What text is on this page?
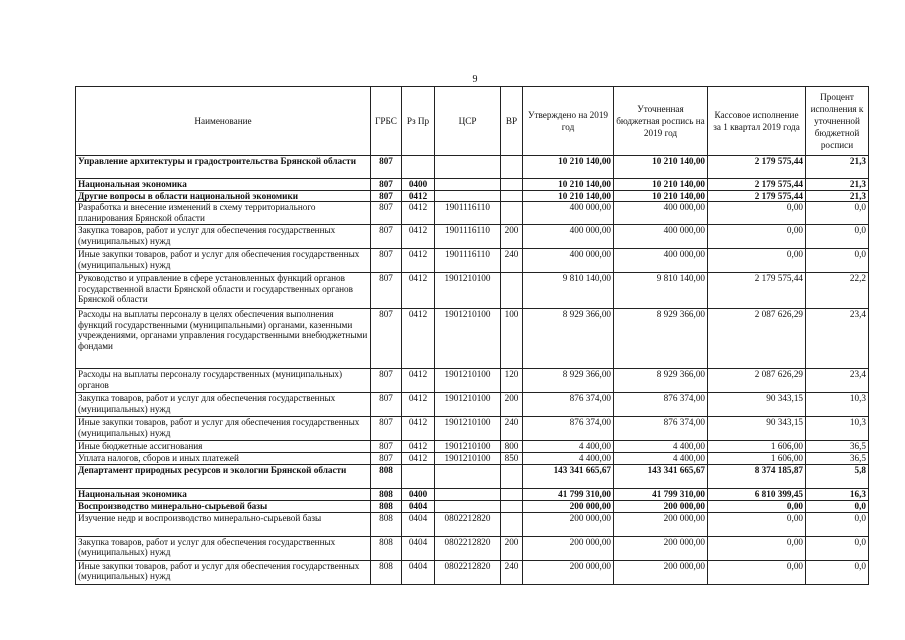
9
Наименование	ГРБС	Рз Пр	ЦСР	ВР	Утверждено на 2019 год	Уточненная бюджетная роспись на 2019 год	Кассовое исполнение за 1 квартал 2019 года	Процент исполнения к уточненной бюджетной росписи
Управление архитектуры и градостроительства Брянской области	807				10 210 140,00	10 210 140,00	2 179 575,44	21,3
Национальная экономика	807	0400			10 210 140,00	10 210 140,00	2 179 575,44	21,3
Другие вопросы в области национальной экономики	807	0412			10 210 140,00	10 210 140,00	2 179 575,44	21,3
Разработка и внесение изменений в схему территориального планирования Брянской области	807	0412	1901116110		400 000,00	400 000,00	0,00	0,0
Закупка товаров, работ и услуг для обеспечения государственных (муниципальных) нужд	807	0412	1901116110	200	400 000,00	400 000,00	0,00	0,0
Иные закупки товаров, работ и услуг для обеспечения государственных (муниципальных) нужд	807	0412	1901116110	240	400 000,00	400 000,00	0,00	0,0
Руководство и управление в сфере установленных функций органов государственной власти Брянской области и государственных органов Брянской области	807	0412	1901210100		9 810 140,00	9 810 140,00	2 179 575,44	22,2
Расходы на выплаты персоналу в целях обеспечения выполнения функций государственными (муниципальными) органами, казенными учреждениями, органами управления государственными внебюджетными фондами	807	0412	1901210100	100	8 929 366,00	8 929 366,00	2 087 626,29	23,4
Расходы на выплаты персоналу государственных (муниципальных) органов	807	0412	1901210100	120	8 929 366,00	8 929 366,00	2 087 626,29	23,4
Закупка товаров, работ и услуг для обеспечения государственных (муниципальных) нужд	807	0412	1901210100	200	876 374,00	876 374,00	90 343,15	10,3
Иные закупки товаров, работ и услуг для обеспечения государственных (муниципальных) нужд	807	0412	1901210100	240	876 374,00	876 374,00	90 343,15	10,3
Иные бюджетные ассигнования	807	0412	1901210100	800	4 400,00	4 400,00	1 606,00	36,5
Уплата налогов, сборов и иных платежей	807	0412	1901210100	850	4 400,00	4 400,00	1 606,00	36,5
Департамент природных ресурсов и экологии Брянской области	808				143 341 665,67	143 341 665,67	8 374 185,87	5,8
Национальная экономика	808	0400			41 799 310,00	41 799 310,00	6 810 399,45	16,3
Воспроизводство минерально-сырьевой базы	808	0404			200 000,00	200 000,00	0,00	0,0
Изучение недр и воспроизводство минерально-сырьевой базы	808	0404	0802212820		200 000,00	200 000,00	0,00	0,0
Закупка товаров, работ и услуг для обеспечения государственных (муниципальных) нужд	808	0404	0802212820	200	200 000,00	200 000,00	0,00	0,0
Иные закупки товаров, работ и услуг для обеспечения государственных (муниципальных) нужд	808	0404	0802212820	240	200 000,00	200 000,00	0,00	0,0
